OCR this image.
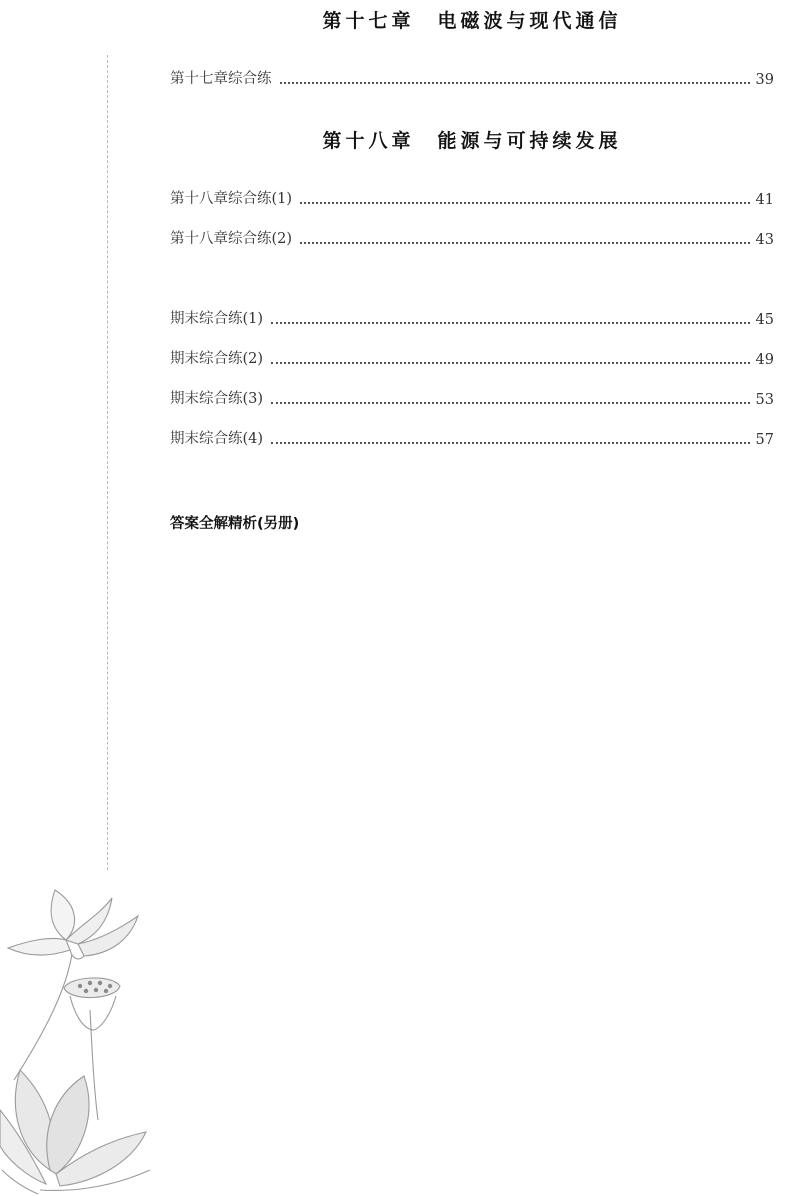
第十七章　电磁波与现代通信
第十七章综合练	39
第十八章　能源与可持续发展
第十八章综合练(1)	41
第十八章综合练(2)	43
期末综合练(1)	45
期末综合练(2)	49
期末综合练(3)	53
期末综合练(4)	57
答案全解精析(另册)
